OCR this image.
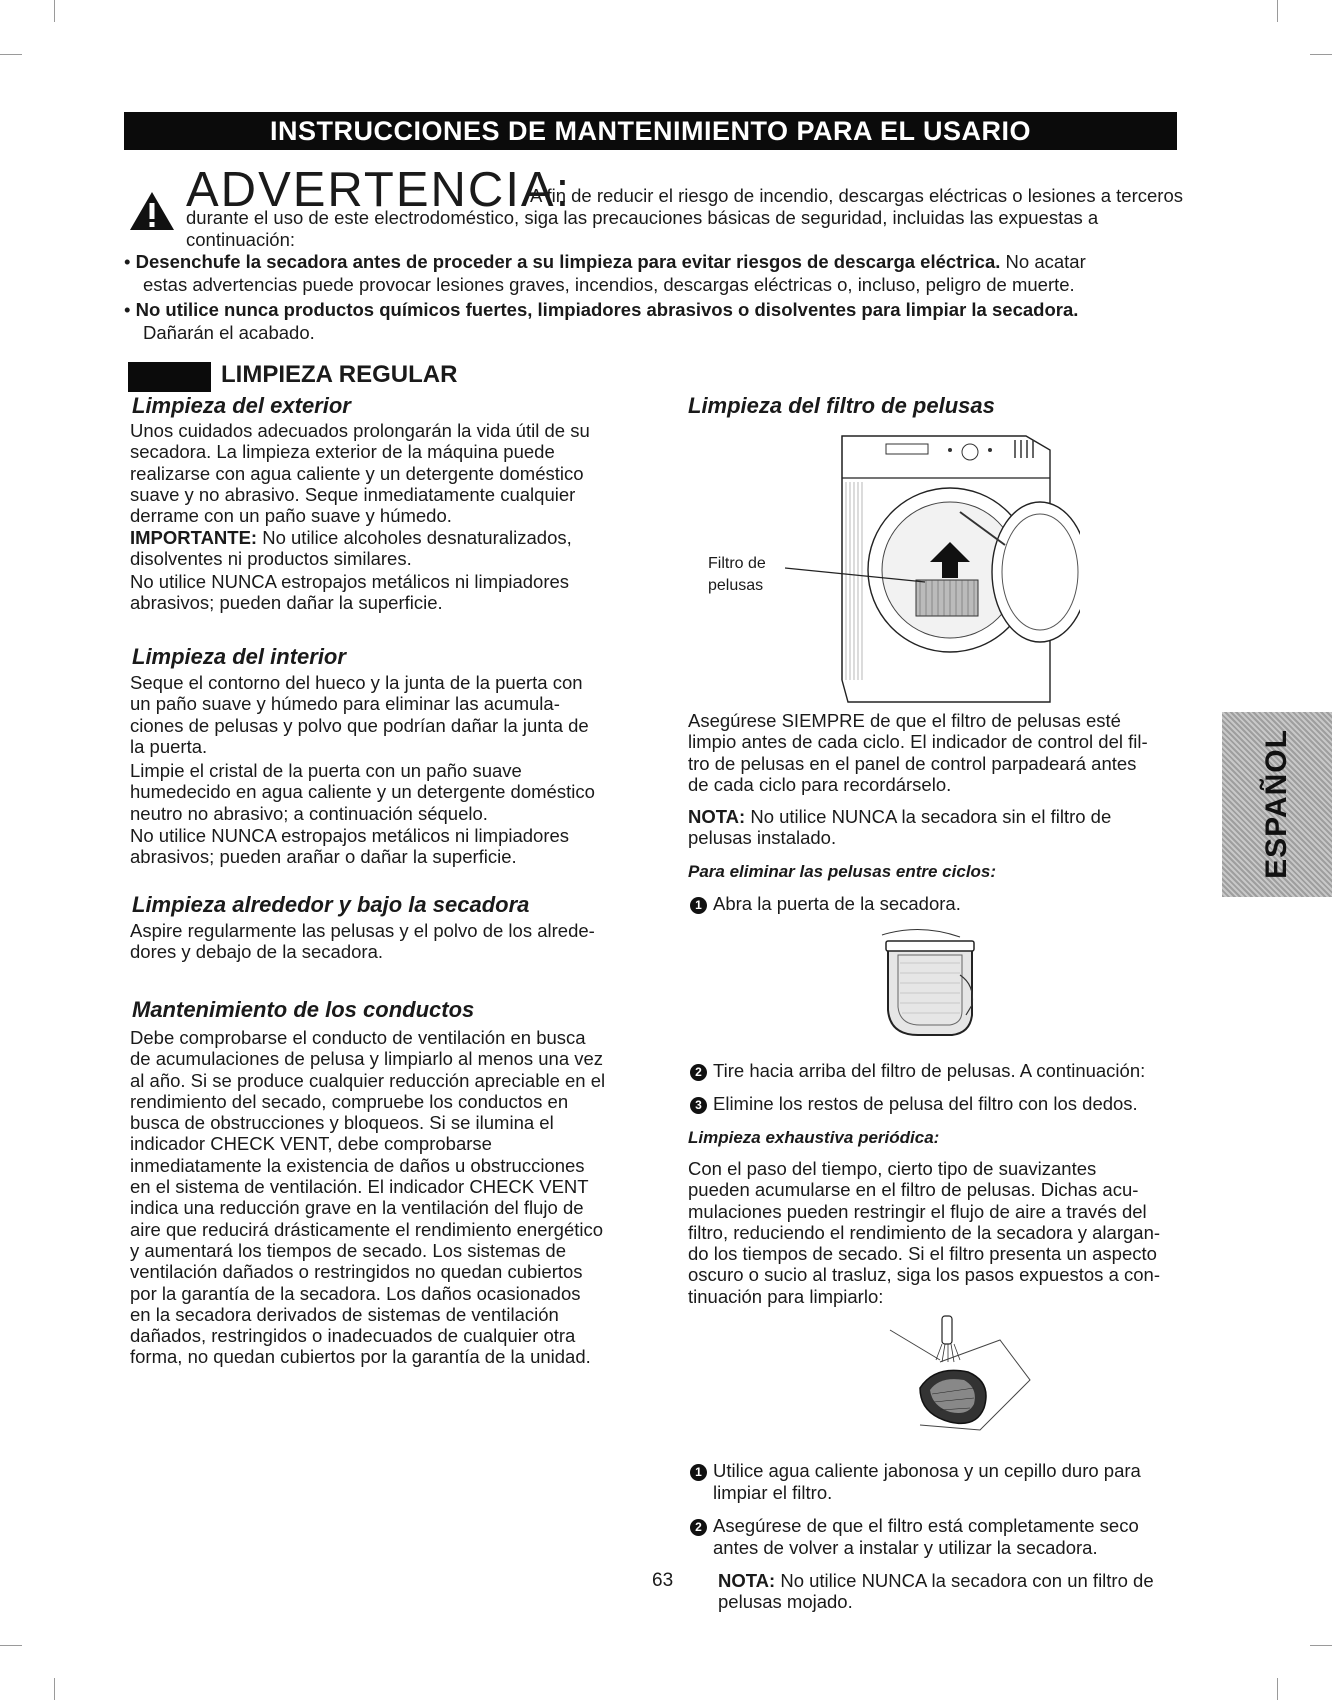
INSTRUCCIONES DE MANTENIMIENTO PARA EL USARIO
ADVERTENCIA:
A fin de reducir el riesgo de incendio, descargas eléctricas o lesiones a terceros
durante el uso de este electrodoméstico, siga las precauciones básicas de seguridad, incluidas las expuestas a
continuación:
• Desenchufe la secadora antes de proceder a su limpieza para evitar riesgos de descarga eléctrica. No acatar
estas advertencias puede provocar lesiones graves, incendios, descargas eléctricas o, incluso, peligro de muerte.
• No utilice nunca productos químicos fuertes, limpiadores abrasivos o disolventes para limpiar la secadora.
Dañarán el acabado.
LIMPIEZA REGULAR
Limpieza del exterior
Unos cuidados adecuados prolongarán la vida útil de su
secadora. La limpieza exterior de la máquina puede
realizarse con agua caliente y un detergente doméstico
suave y no abrasivo. Seque inmediatamente cualquier
derrame con un paño suave y húmedo.
IMPORTANTE: No utilice alcoholes desnaturalizados,
disolventes ni productos similares.
No utilice NUNCA estropajos metálicos ni limpiadores
abrasivos; pueden dañar la superficie.
Limpieza del interior
Seque el contorno del hueco y la junta de la puerta con
un paño suave y húmedo para eliminar las acumula-
ciones de pelusas y polvo que podrían dañar la junta de
la puerta.
Limpie el cristal de la puerta con un paño suave
humedecido en agua caliente y un detergente doméstico
neutro no abrasivo; a continuación séquelo.
No utilice NUNCA estropajos metálicos ni limpiadores
abrasivos; pueden arañar o dañar la superficie.
Limpieza alrededor y bajo la secadora
Aspire regularmente las pelusas y el polvo de los alrede-
dores y debajo de la secadora.
Mantenimiento de los conductos
Debe comprobarse el conducto de ventilación en busca
de acumulaciones de pelusa y limpiarlo al menos una vez
al año. Si se produce cualquier reducción apreciable en el
rendimiento del secado, compruebe los conductos en
busca de obstrucciones y bloqueos. Si se ilumina el
indicador CHECK VENT, debe comprobarse
inmediatamente la existencia de daños u obstrucciones
en el sistema de ventilación. El indicador CHECK VENT
indica una reducción grave en la ventilación del flujo de
aire que reducirá drásticamente el rendimiento energético
y aumentará los tiempos de secado. Los sistemas de
ventilación dañados o restringidos no quedan cubiertos
por la garantía de la secadora. Los daños ocasionados
en la secadora derivados de sistemas de ventilación
dañados, restringidos o inadecuados de cualquier otra
forma, no quedan cubiertos por la garantía de la unidad.
Limpieza del filtro de pelusas
Filtro de
pelusas
Asegúrese SIEMPRE de que el filtro de pelusas esté
limpio antes de cada ciclo. El indicador de control del fil-
tro de pelusas en el panel de control parpadeará antes
de cada ciclo para recordárselo.
NOTA: No utilice NUNCA la secadora sin el filtro de
pelusas instalado.
Para eliminar las pelusas entre ciclos:
1 Abra la puerta de la secadora.
2 Tire hacia arriba del filtro de pelusas. A continuación:
3 Elimine los restos de pelusa del filtro con los dedos.
Limpieza exhaustiva periódica:
Con el paso del tiempo, cierto tipo de suavizantes
pueden acumularse en el filtro de pelusas. Dichas acu-
mulaciones pueden restringir el flujo de aire a través del
filtro, reduciendo el rendimiento de la secadora y alargan-
do los tiempos de secado. Si el filtro presenta un aspecto
oscuro o sucio al trasluz, siga los pasos expuestos a con-
tinuación para limpiarlo:
1 Utilice agua caliente jabonosa y un cepillo duro para
limpiar el filtro.
2 Asegúrese de que el filtro está completamente seco
antes de volver a instalar y utilizar la secadora.
63 NOTA: No utilice NUNCA la secadora con un filtro de
pelusas mojado.
ESPAÑOL
